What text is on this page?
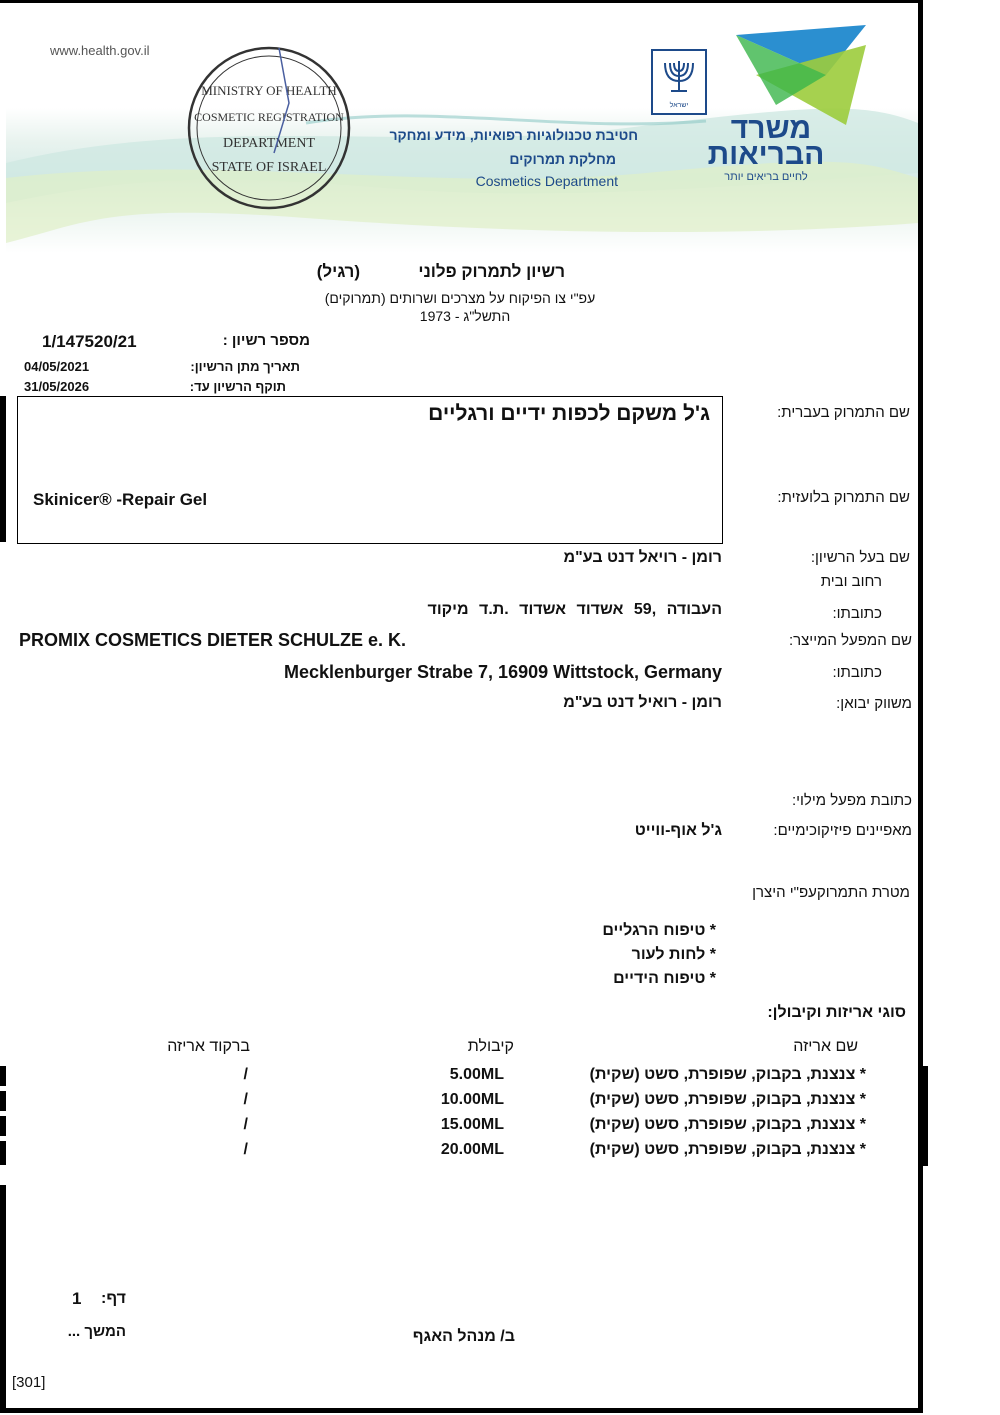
משרד
הבריאות
לחיים בריאים יותר
ישראל
www.health.gov.il
חטיבת טכנולוגיות רפואיות, מידע ומחקר
מחלקת תמרוקים
Cosmetics Department
MINISTRY OF HEALTH
COSMETIC REGISTRATION
DEPARTMENT
STATE OF ISRAEL
רשיון לתמרוק פלוני
(רגיל)
עפ"י צו הפיקוח על מצרכים ושרותים (תמרוקים)
התשל"ג - 1973
מספר רשיון :
1/147520/21
תאריך מתן הרשיון:
04/05/2021
תוקף הרשיון עד:
31/05/2026
שם התמרוק בעברית:
ג'ל משקם לכפות ידיים ורגליים
שם התמרוק בלועזית:
Skinicer® -Repair Gel
שם בעל הרשיון:
רומן - רויאל דנט בע"מ
רחוב ובית
כתובתו:
העבודה ,59 אשדוד אשדוד .ת.ד מיקוד
שם המפעל המייצר:
PROMIX COSMETICS DIETER SCHULZE e. K.
כתובתו:
Mecklenburger Strabe 7, 16909 Wittstock, Germany
משווק יבואן:
רומן - רואיל דנט בע"מ
כתובת מפעל מילוי:
מאפיינים פיזיקוכימיים:
ג'ל אוף-ווייט
מטרת התמרוקעפ"י היצרן
* טיפוח הרגליים
* לחות לעור
* טיפוח הידיים
סוגי אריזות וקיבולן:
שם אריזה
קיבולת
ברקוד אריזה
* צנצנת, בקבוק, שפופרת, סשט (שקית)
5.00ML
/
* צנצנת, בקבוק, שפופרת, סשט (שקית)
10.00ML
/
* צנצנת, בקבוק, שפופרת, סשט (שקית)
15.00ML
/
* צנצנת, בקבוק, שפופרת, סשט (שקית)
20.00ML
/
דף:
1
המשך ...	ב/ מנהל האגף
[301]
